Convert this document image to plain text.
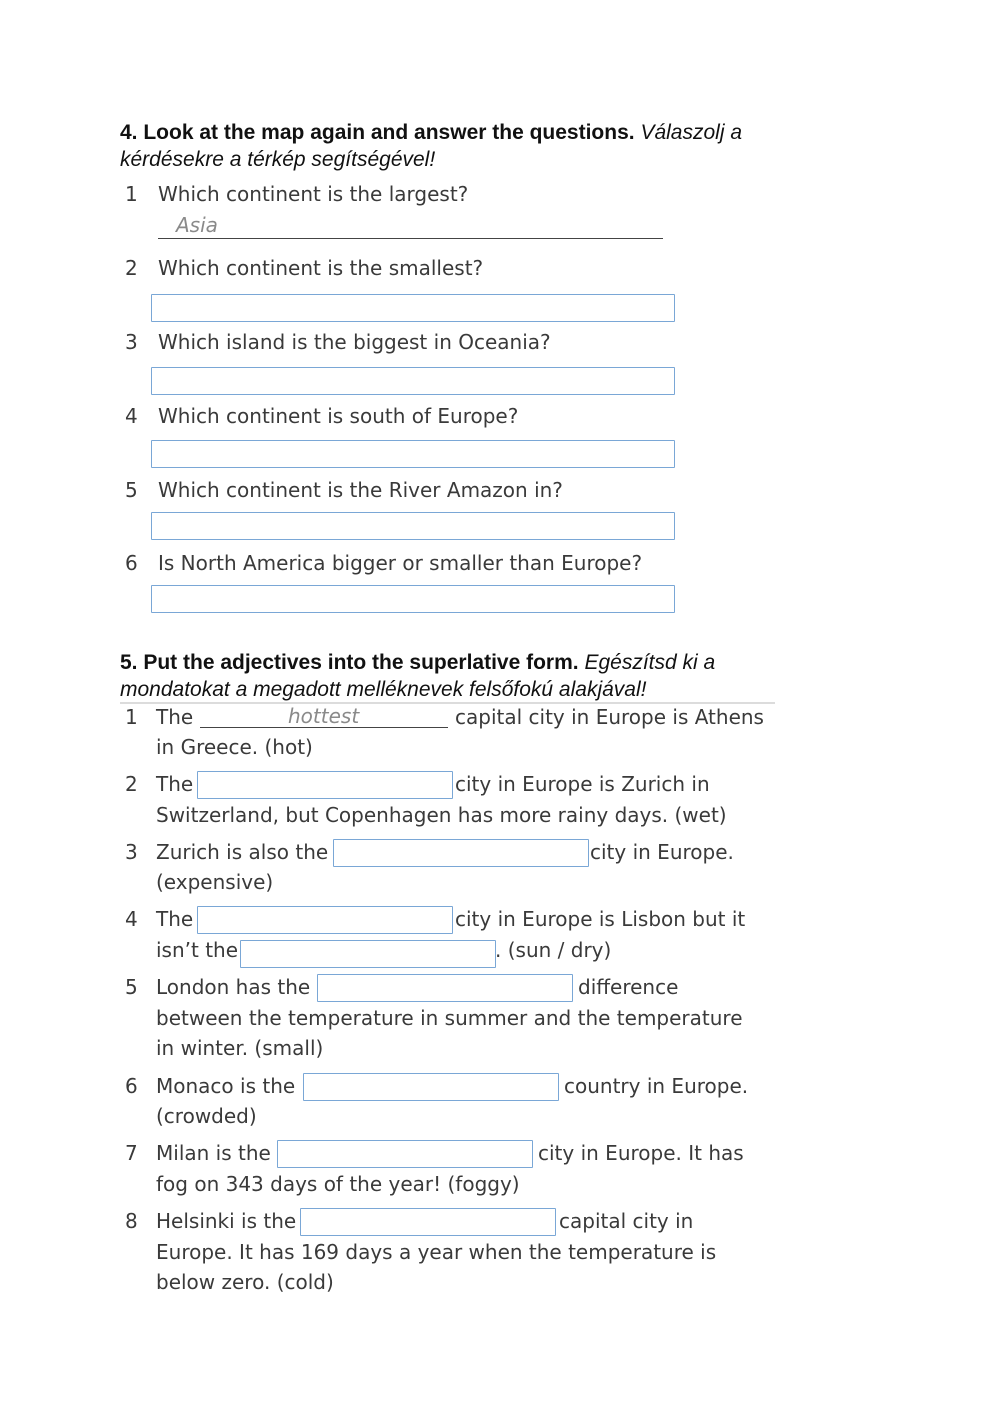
4. Look at the map again and answer the questions. Válaszolj a
kérdésekre a térkép segítségével!
1 Which continent is the largest?
Asia
2 Which continent is the smallest?
3 Which island is the biggest in Oceania?
4 Which continent is south of Europe?
5 Which continent is the River Amazon in?
6 Is North America bigger or smaller than Europe?
5. Put the adjectives into the superlative form. Egészítsd ki a
mondatokat a megadott melléknevek felsőfokú alakjával!
1 The	hottest	capital city in Europe is Athens
in Greece. (hot)
2 The	city in Europe is Zurich in
Switzerland, but Copenhagen has more rainy days. (wet)
3 Zurich is also the	city in Europe.
(expensive)
4 The	city in Europe is Lisbon but it
isn’t the	. (sun / dry)
5 London has the	difference
between the temperature in summer and the temperature
in winter. (small)
6 Monaco is the	country in Europe.
(crowded)
7 Milan is the	city in Europe. It has
fog on 343 days of the year! (foggy)
8 Helsinki is the	capital city in
Europe. It has 169 days a year when the temperature is
below zero. (cold)
